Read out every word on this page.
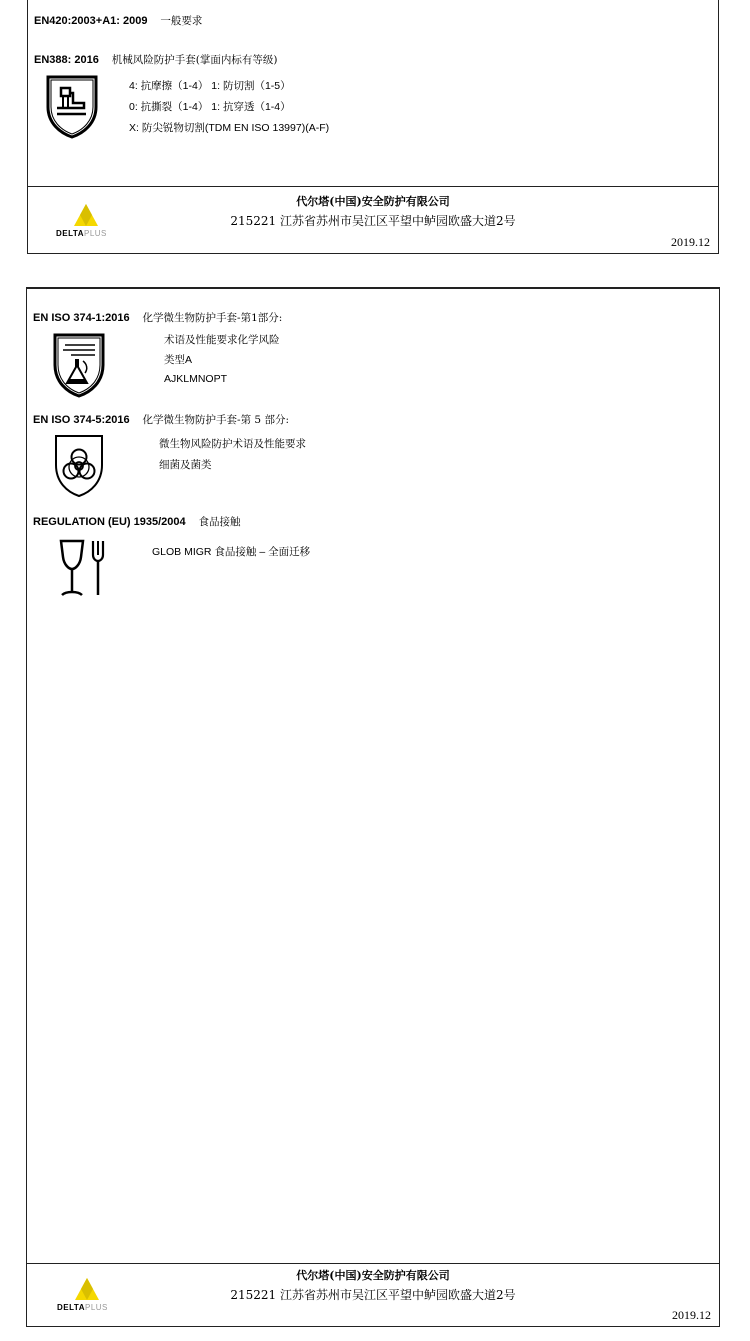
EN420:2003+A1: 2009 一般要求
EN388: 2016 机械风险防护手套(掌面内标有等级)
4: 抗摩擦（1-4） 1: 防切割（1-5）
0: 抗撕裂（1-4） 1: 抗穿透（1-4）
X: 防尖锐物切割(TDM EN ISO 13997)(A-F)
DELTAPLUS
代尔塔(中国)安全防护有限公司
215221 江苏省苏州市吴江区平望中鲈园欧盛大道2号
2019.12
EN ISO 374-1:2016 化学微生物防护手套-第1部分:
术语及性能要求化学风险
类型A
AJKLMNOPT
EN ISO 374-5:2016 化学微生物防护手套-第 5 部分:
微生物风险防护术语及性能要求
细菌及菌类
REGULATION (EU) 1935/2004 食品接触
GLOB MIGR 食品接触 – 全面迁移
DELTAPLUS
代尔塔(中国)安全防护有限公司
215221 江苏省苏州市吴江区平望中鲈园欧盛大道2号
2019.12
